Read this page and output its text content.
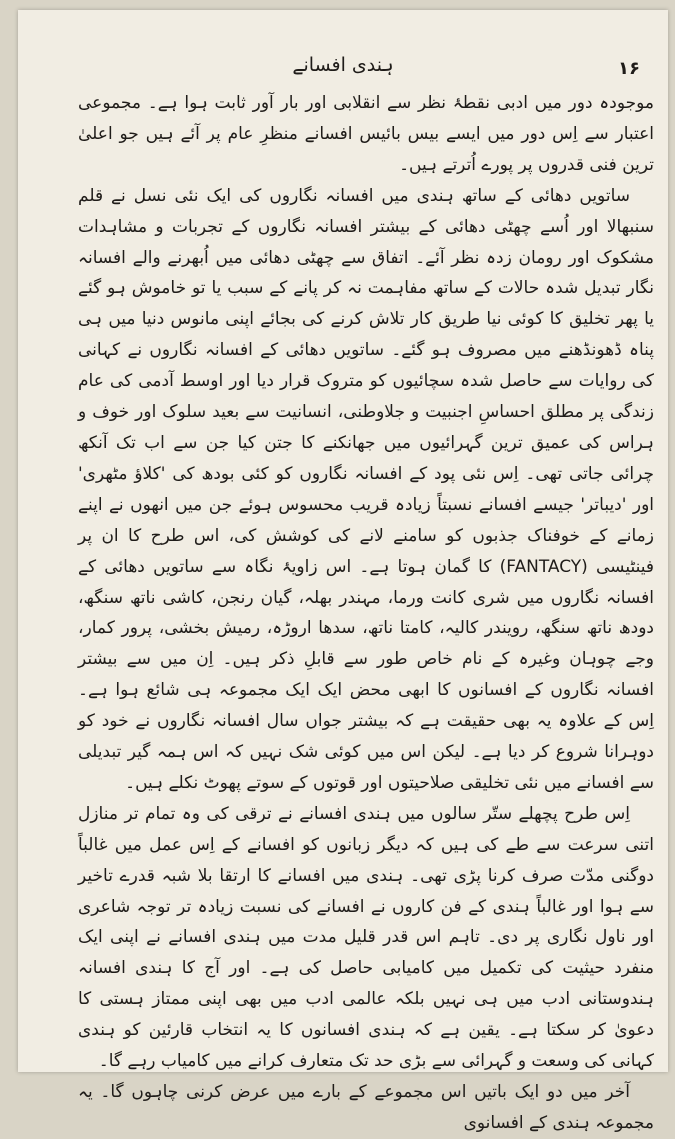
ہندی افسانے	۱۶

موجودہ دور میں ادبی نقطۂ نظر سے انقلابی اور بار آور ثابت ہوا ہے۔ مجموعی اعتبار سے اِس دور میں ایسے بیس بائیس افسانے منظرِ عام پر آئے ہیں جو اعلیٰ ترین فنی قدروں پر پورے اُترتے ہیں۔

ساتویں دھائی کے ساتھ ہندی میں افسانہ نگاروں کی ایک نئی نسل نے قلم سنبھالا اور اُسے چھٹی دھائی کے بیشتر افسانہ نگاروں کے تجربات و مشاہدات مشکوک اور رومان زدہ نظر آئے۔ اتفاق سے چھٹی دھائی میں اُبھرنے والے افسانہ نگار تبدیل شدہ حالات کے ساتھ مفاہمت نہ کر پانے کے سبب یا تو خاموش ہو گئے یا پھر تخلیق کا کوئی نیا طریق کار تلاش کرنے کی بجائے اپنی مانوس دنیا میں ہی پناہ ڈھونڈھنے میں مصروف ہو گئے۔ ساتویں دھائی کے افسانہ نگاروں نے کہانی کی روایات سے حاصل شدہ سچائیوں کو متروک قرار دیا اور اوسط آدمی کی عام زندگی پر مطلق احساسِ اجنبیت و جلاوطنی، انسانیت سے بعید سلوک اور خوف و ہراس کی عمیق ترین گہرائیوں میں جھانکنے کا جتن کیا جن سے اب تک آنکھ چرائی جاتی تھی۔ اِس نئی پود کے افسانہ نگاروں کو کئی بودھ کی 'کلاؤ مٹھری' اور 'دیباتر' جیسے افسانے نسبتاً زیادہ قریب محسوس ہوئے جن میں انھوں نے اپنے زمانے کے خوفناک جذبوں کو سامنے لانے کی کوشش کی، اس طرح کا ان پر فینٹیسی (FANTACY) کا گمان ہوتا ہے۔ اس زاویۂ نگاہ سے ساتویں دھائی کے افسانہ نگاروں میں شری کانت ورما، مہندر بھلہ، گیان رنجن، کاشی ناتھ سنگھ، دودھ ناتھ سنگھ، رویندر کالیہ، کامتا ناتھ، سدھا اروڑہ، رمیش بخشی، پرور کمار، وجے چوہان وغیرہ کے نام خاص طور سے قابلِ ذکر ہیں۔ اِن میں سے بیشتر افسانہ نگاروں کے افسانوں کا ابھی محض ایک ایک مجموعہ ہی شائع ہوا ہے۔ اِس کے علاوہ یہ بھی حقیقت ہے کہ بیشتر جواں سال افسانہ نگاروں نے خود کو دوہرانا شروع کر دیا ہے۔ لیکن اس میں کوئی شک نہیں کہ اس ہمہ گیر تبدیلی سے افسانے میں نئی تخلیقی صلاحیتوں اور قوتوں کے سوتے پھوٹ نکلے ہیں۔

اِس طرح پچھلے ستّر سالوں میں ہندی افسانے نے ترقی کی وہ تمام تر منازل اتنی سرعت سے طے کی ہیں کہ دیگر زبانوں کو افسانے کے اِس عمل میں غالباً دوگنی مدّت صرف کرنا پڑی تھی۔ ہندی میں افسانے کا ارتقا بلا شبہ قدرے تاخیر سے ہوا اور غالباً ہندی کے فن کاروں نے افسانے کی نسبت زیادہ تر توجہ شاعری اور ناول نگاری پر دی۔ تاہم اس قدر قلیل مدت میں ہندی افسانے نے اپنی ایک منفرد حیثیت کی تکمیل میں کامیابی حاصل کی ہے۔ اور آج کا ہندی افسانہ ہندوستانی ادب میں ہی نہیں بلکہ عالمی ادب میں بھی اپنی ممتاز ہستی کا دعویٰ کر سکتا ہے۔ یقین ہے کہ ہندی افسانوں کا یہ انتخاب قارئین کو ہندی کہانی کی وسعت و گہرائی سے بڑی حد تک متعارف کرانے میں کامیاب رہے گا۔

آخر میں دو ایک باتیں اس مجموعے کے بارے میں عرض کرنی چاہوں گا۔ یہ مجموعہ ہندی کے افسانوی
